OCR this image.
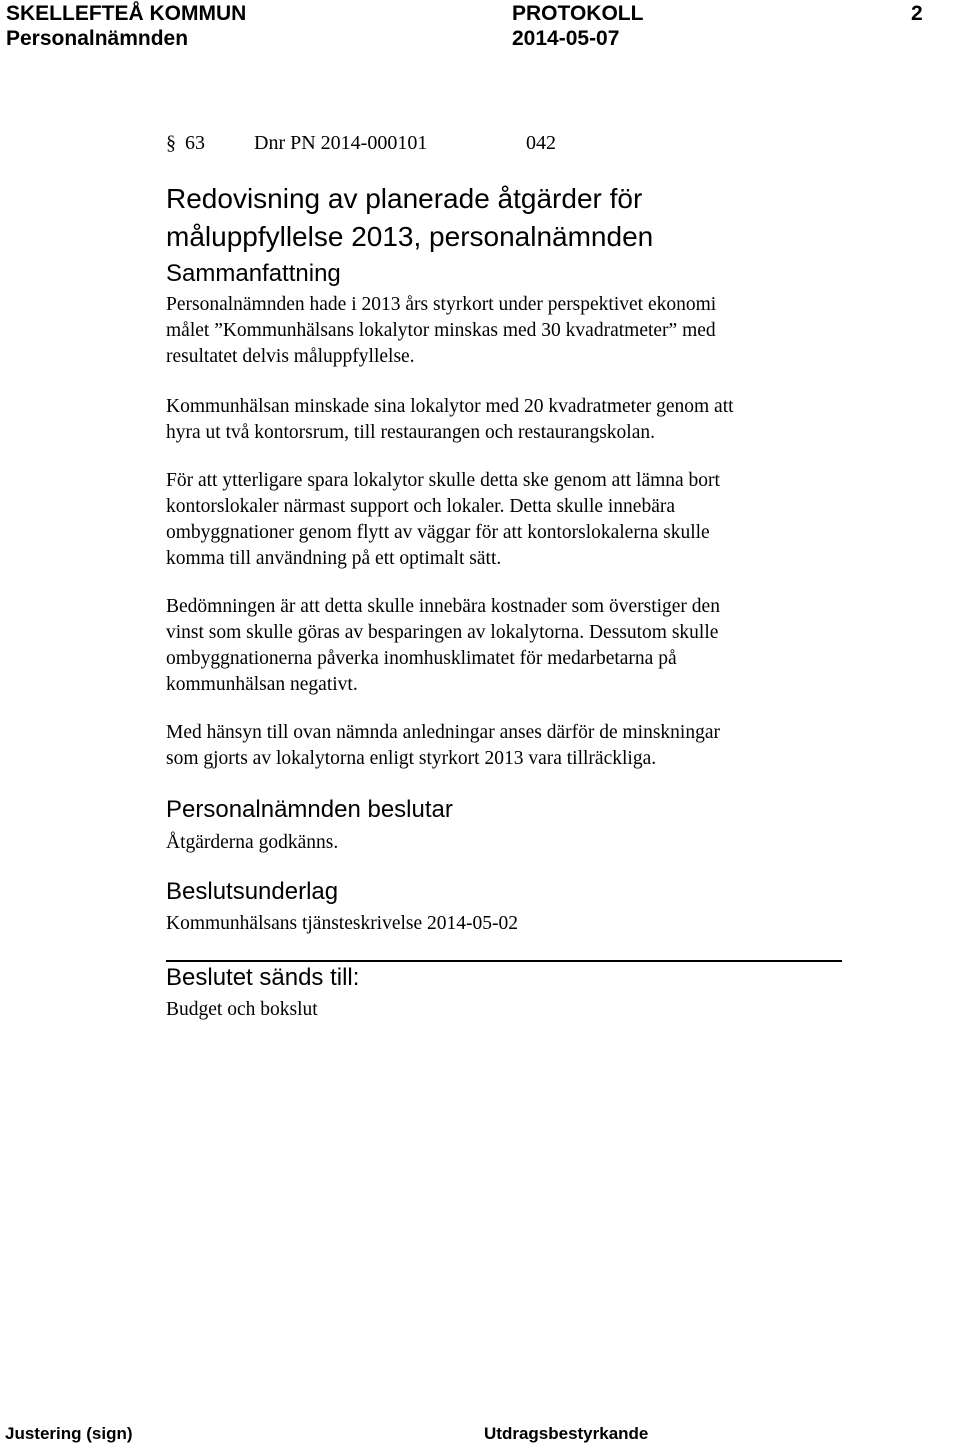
SKELLEFTEÅ KOMMUN	PROTOKOLL	2
Personalnämnden	2014-05-07
§ 63 Dnr PN 2014-000101	042
Redovisning av planerade åtgärder för
måluppfyllelse 2013, personalnämnden
Sammanfattning
Personalnämnden hade i 2013 års styrkort under perspektivet ekonomi
målet ”Kommunhälsans lokalytor minskas med 30 kvadratmeter” med
resultatet delvis måluppfyllelse.
Kommunhälsan minskade sina lokalytor med 20 kvadratmeter genom att
hyra ut två kontorsrum, till restaurangen och restaurangskolan.
För att ytterligare spara lokalytor skulle detta ske genom att lämna bort
kontorslokaler närmast support och lokaler. Detta skulle innebära
ombyggnationer genom flytt av väggar för att kontorslokalerna skulle
komma till användning på ett optimalt sätt.
Bedömningen är att detta skulle innebära kostnader som överstiger den
vinst som skulle göras av besparingen av lokalytorna. Dessutom skulle
ombyggnationerna påverka inomhusklimatet för medarbetarna på
kommunhälsan negativt.
Med hänsyn till ovan nämnda anledningar anses därför de minskningar
som gjorts av lokalytorna enligt styrkort 2013 vara tillräckliga.
Personalnämnden beslutar
Åtgärderna godkänns.
Beslutsunderlag
Kommunhälsans tjänsteskrivelse 2014-05-02
Beslutet sänds till:
Budget och bokslut
Justering (sign)	Utdragsbestyrkande
